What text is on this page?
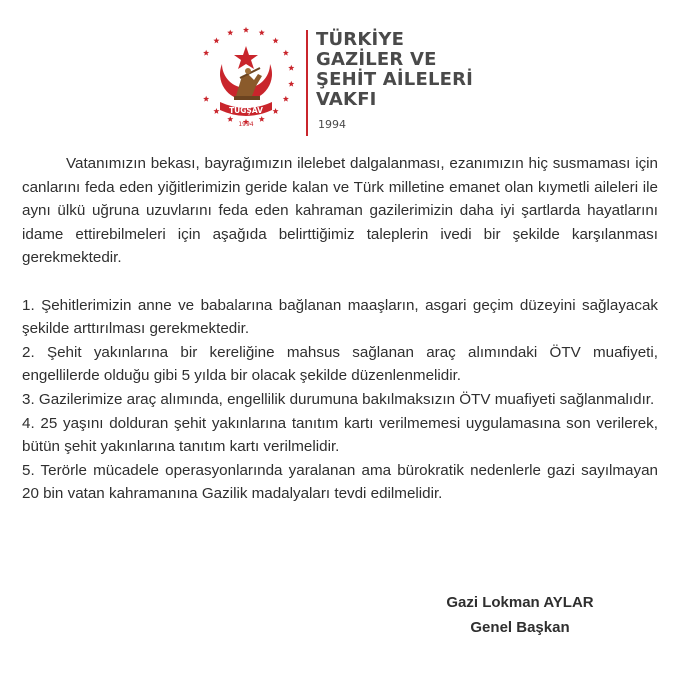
TÜGŞAV
1994
TÜRKİYE
GAZİLER VE
ŞEHİT AİLELERİ
VAKFI
1994

Vatanımızın bekası, bayrağımızın ilelebet dalgalanması, ezanımızın hiç susmaması için canlarını feda eden yiğitlerimizin geride kalan ve Türk milletine emanet olan kıymetli aileleri ile aynı ülkü uğruna uzuvlarını feda eden kahraman gazilerimizin daha iyi şartlarda hayatlarını idame ettirebilmeleri için aşağıda belirttiğimiz taleplerin ivedi bir şekilde karşılanması gerekmektedir.

1. Şehitlerimizin anne ve babalarına bağlanan maaşların, asgari geçim düzeyini sağlayacak şekilde arttırılması gerekmektedir.

2. Şehit yakınlarına bir kereliğine mahsus sağlanan araç alımındaki ÖTV muafiyeti, engellilerde olduğu gibi 5 yılda bir olacak şekilde düzenlenmelidir.

3. Gazilerimize araç alımında, engellilik durumuna bakılmaksızın ÖTV muafiyeti sağlanmalıdır.

4. 25 yaşını dolduran şehit yakınlarına tanıtım kartı verilmemesi uygulamasına son verilerek, bütün şehit yakınlarına tanıtım kartı verilmelidir.

5. Terörle mücadele operasyonlarında yaralanan ama bürokratik nedenlerle gazi sayılmayan 20 bin vatan kahramanına Gazilik madalyaları tevdi edilmelidir.

Gazi Lokman AYLAR
Genel Başkan
